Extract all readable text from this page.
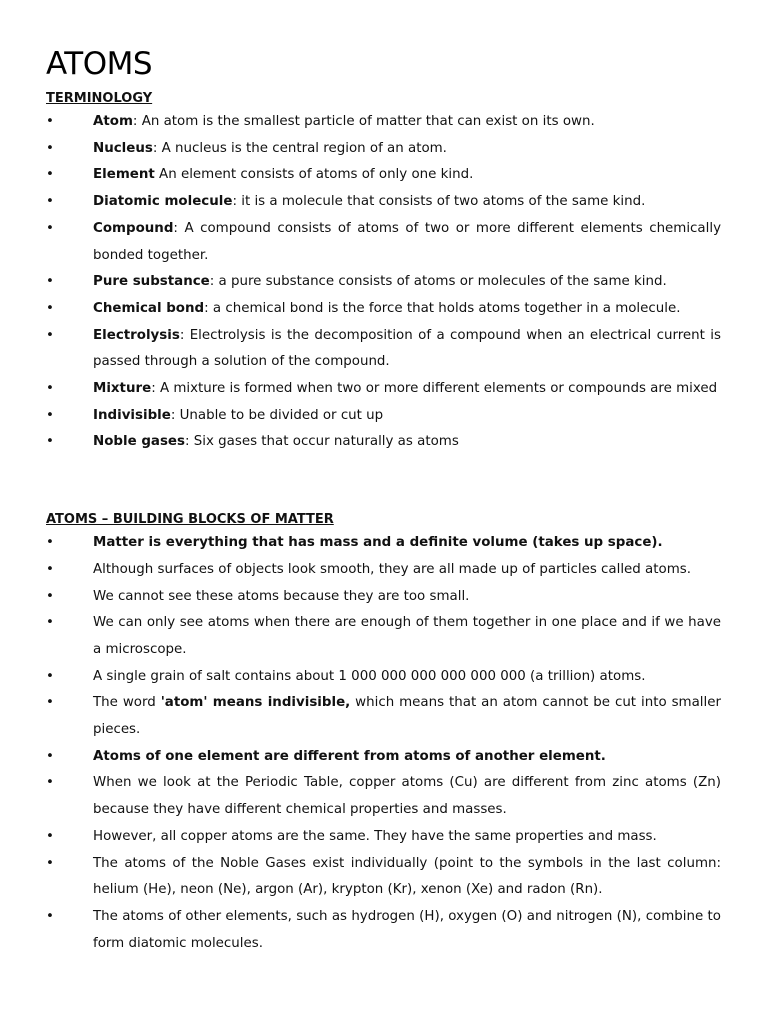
ATOMS

TERMINOLOGY

•	Atom: An atom is the smallest particle of matter that can exist on its own.
•	Nucleus: A nucleus is the central region of an atom.
•	Element An element consists of atoms of only one kind.
•	Diatomic molecule: it is a molecule that consists of two atoms of the same kind.
•	Compound: A compound consists of atoms of two or more different elements chemically bonded together.
•	Pure substance: a pure substance consists of atoms or molecules of the same kind.
•	Chemical bond: a chemical bond is the force that holds atoms together in a molecule.
•	Electrolysis: Electrolysis is the decomposition of a compound when an electrical current is passed through a solution of the compound.
•	Mixture: A mixture is formed when two or more different elements or compounds are mixed
•	Indivisible: Unable to be divided or cut up
•	Noble gases: Six gases that occur naturally as atoms

ATOMS – BUILDING BLOCKS OF MATTER

•	Matter is everything that has mass and a definite volume (takes up space).
•	Although surfaces of objects look smooth, they are all made up of particles called atoms.
•	We cannot see these atoms because they are too small.
•	We can only see atoms when there are enough of them together in one place and if we have a microscope.
•	A single grain of salt contains about 1 000 000 000 000 000 000 (a trillion) atoms.
•	The word 'atom' means indivisible, which means that an atom cannot be cut into smaller pieces.
•	Atoms of one element are different from atoms of another element.
•	When we look at the Periodic Table, copper atoms (Cu) are different from zinc atoms (Zn) because they have different chemical properties and masses.
•	However, all copper atoms are the same. They have the same properties and mass.
•	The atoms of the Noble Gases exist individually (point to the symbols in the last column: helium (He), neon (Ne), argon (Ar), krypton (Kr), xenon (Xe) and radon (Rn).
•	The atoms of other elements, such as hydrogen (H), oxygen (O) and nitrogen (N), combine to form diatomic molecules.
